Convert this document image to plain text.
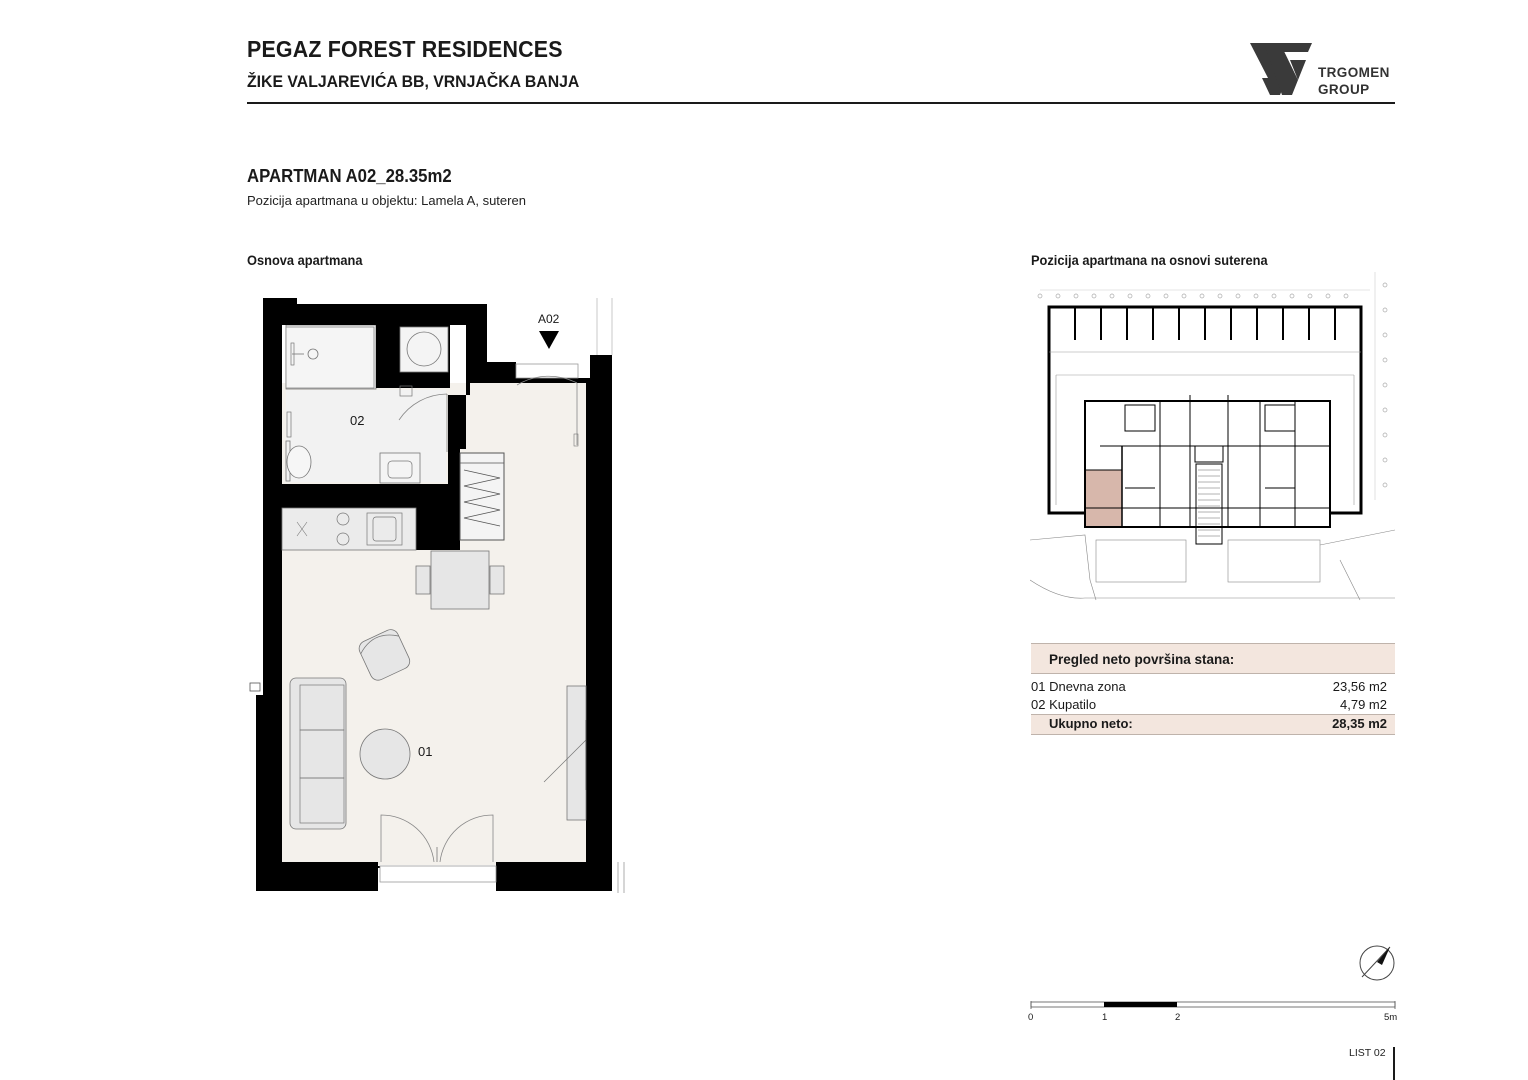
PEGAZ FOREST RESIDENCES
ŽIKE VALJAREVIĆA BB, VRNJAČKA BANJA	TRGOMEN
GROUP
APARTMAN A02_28.35m2
Pozicija apartmana u objektu: Lamela A, suteren
Osnova apartmana	Pozicija apartmana na osnovi suterena
A02
02
01
Pregled neto površina stana:
01 Dnevna zona	23,56 m2
02 Kupatilo	4,79 m2
Ukupno neto:	28,35 m2
0	1	2	5m
LIST 02
